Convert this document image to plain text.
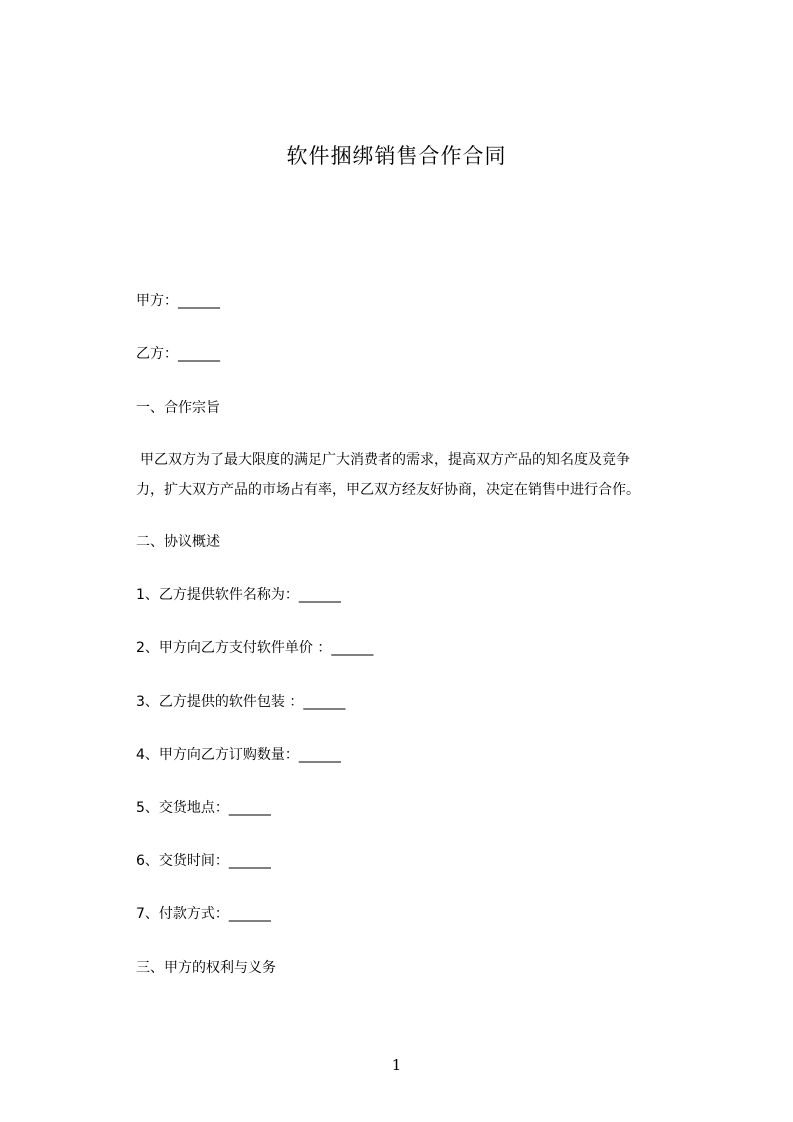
软件捆绑销售合作合同
甲方：______
乙方：______
一、合作宗旨
甲乙双方为了最大限度的满足广大消费者的需求，提高双方产品的知名度及竞争
力，扩大双方产品的市场占有率，甲乙双方经友好协商，决定在销售中进行合作。
二、协议概述
1、乙方提供软件名称为：______
2、甲方向乙方支付软件单价 ：______
3、乙方提供的软件包装 ：______
4、甲方向乙方订购数量：______
5、交货地点：______
6、交货时间：______
7、付款方式：______
三、甲方的权利与义务
1
